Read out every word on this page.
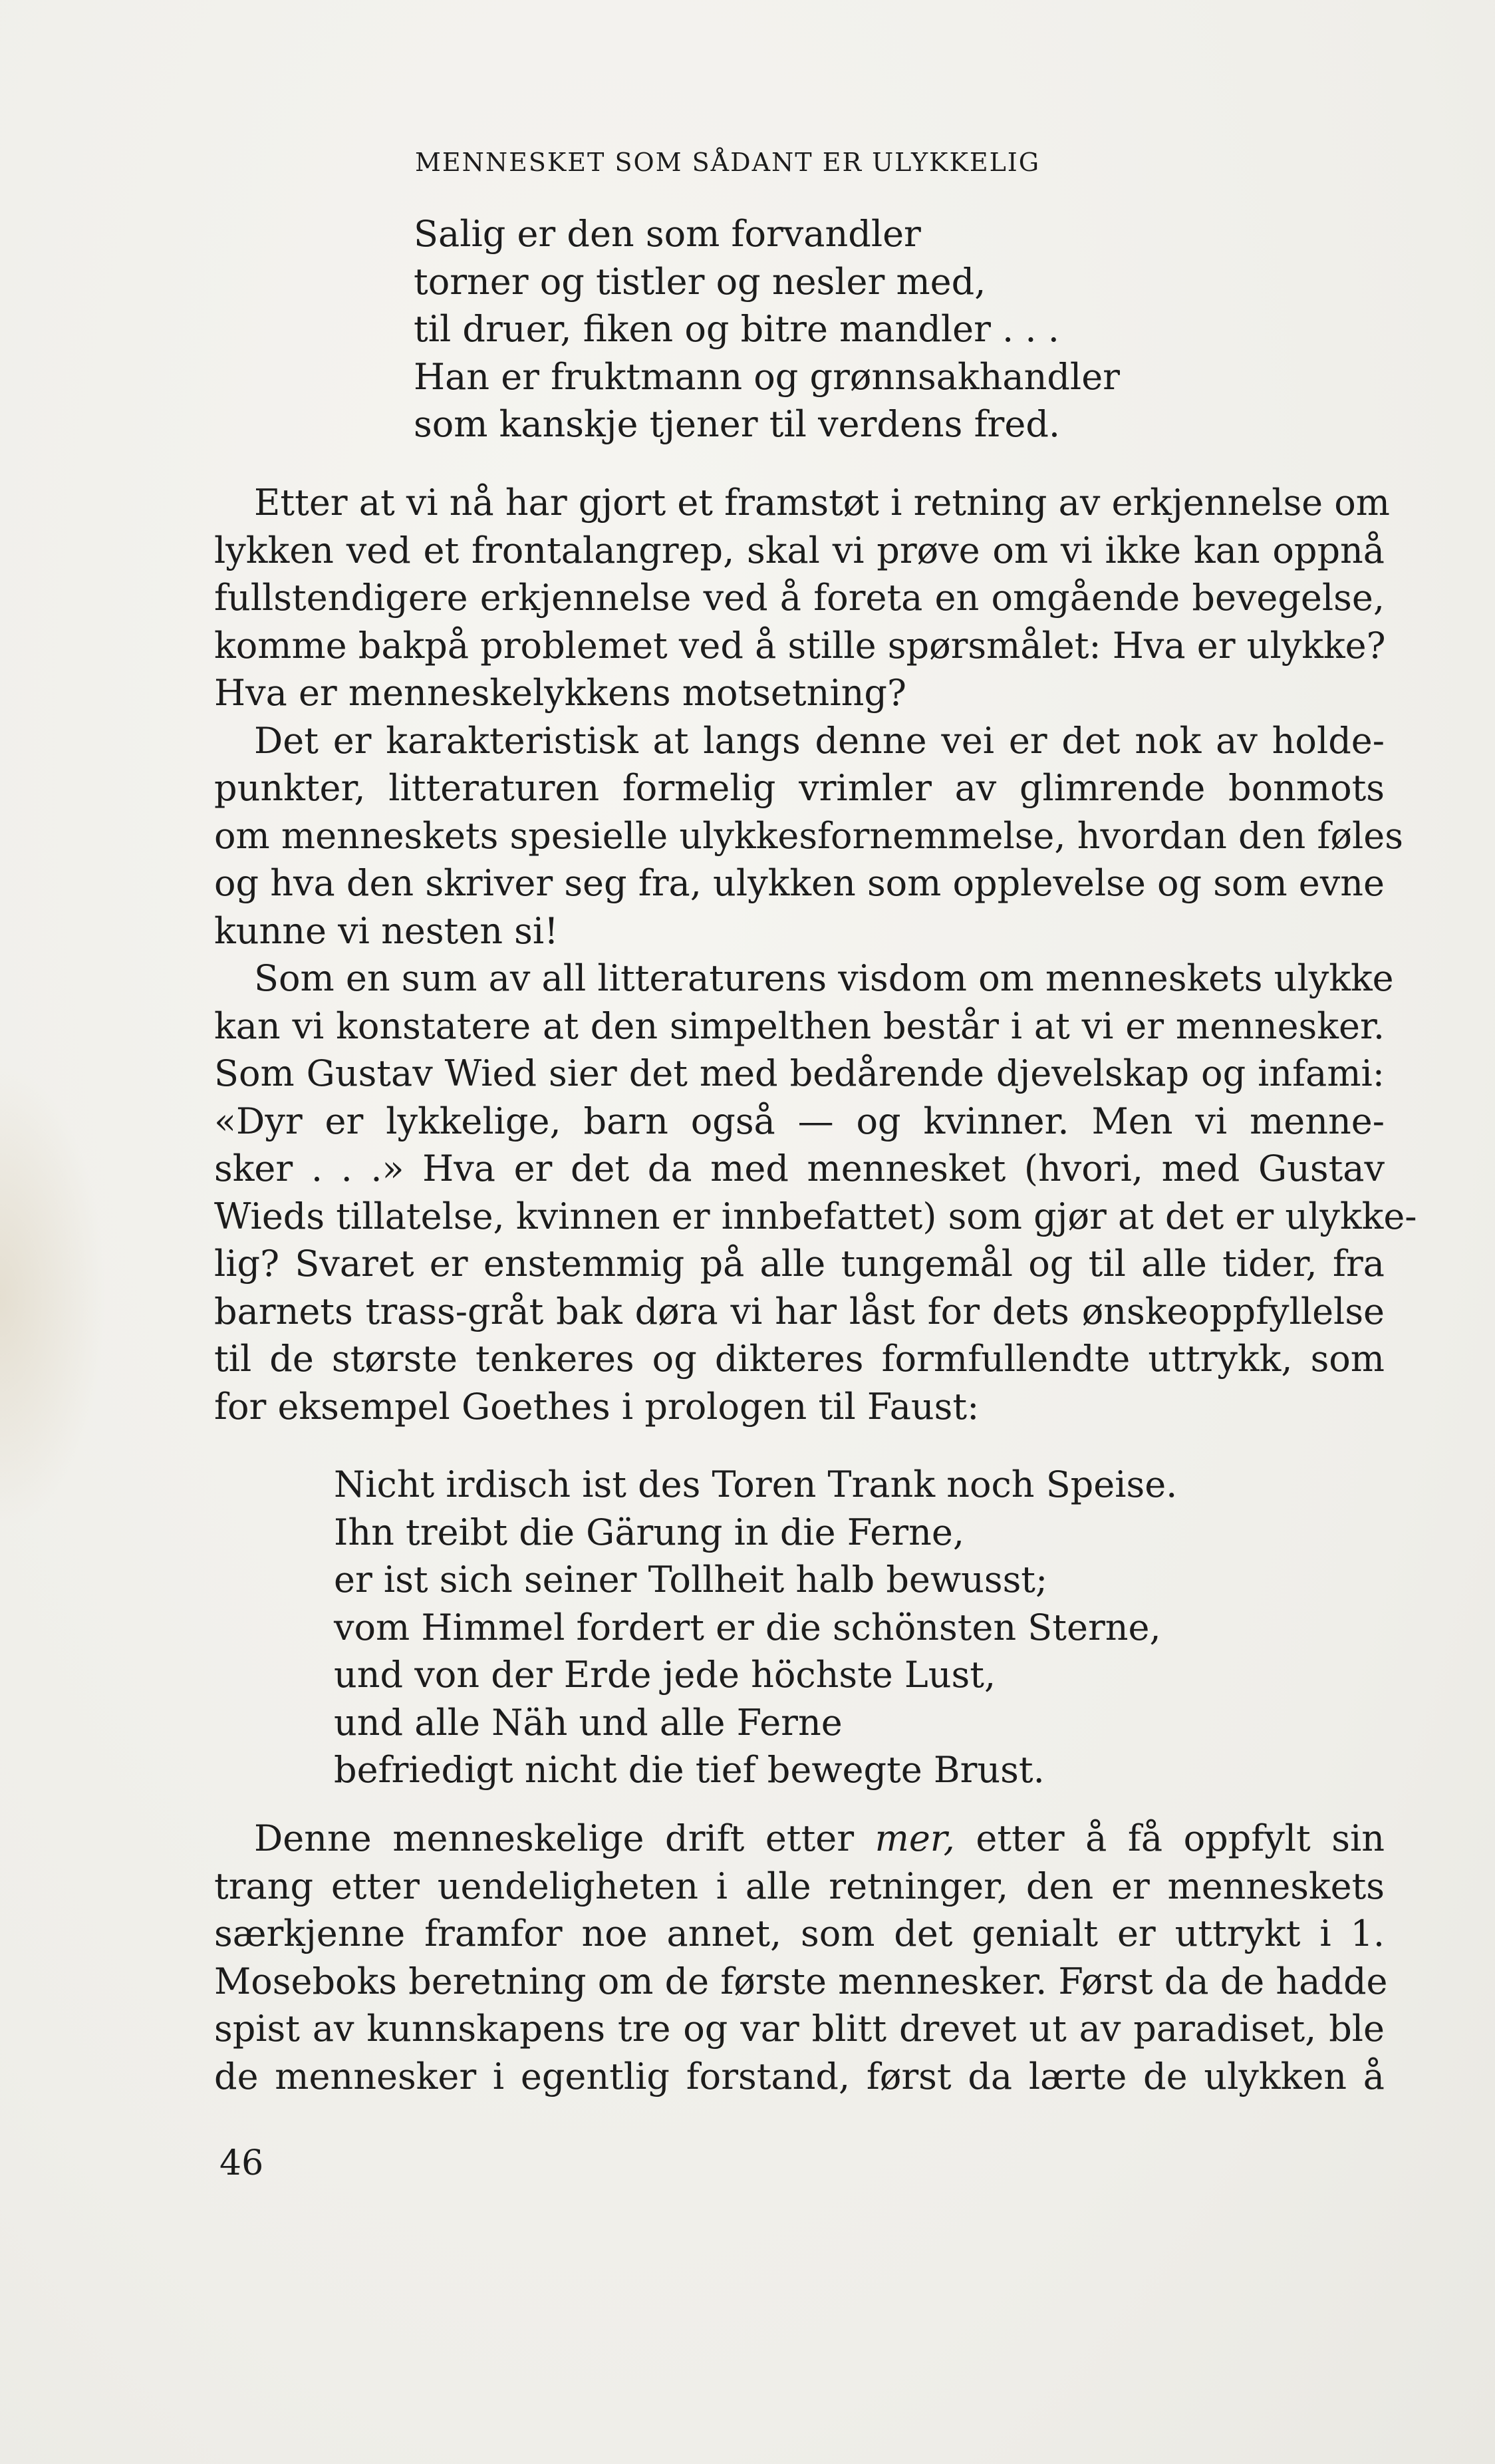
MENNESKET SOM SÅDANT ER ULYKKELIG
Salig er den som forvandler
torner og tistler og nesler med,
til druer, fiken og bitre mandler . . .
Han er fruktmann og grønnsakhandler
som kanskje tjener til verdens fred.
Etter at vi nå har gjort et framstøt i retning av erkjennelse om
lykken ved et frontalangrep, skal vi prøve om vi ikke kan oppnå
fullstendigere erkjennelse ved å foreta en omgående bevegelse,
komme bakpå problemet ved å stille spørsmålet: Hva er ulykke?
Hva er menneskelykkens motsetning?
Det er karakteristisk at langs denne vei er det nok av holde-
punkter, litteraturen formelig vrimler av glimrende bonmots
om menneskets spesielle ulykkesfornemmelse, hvordan den føles
og hva den skriver seg fra, ulykken som opplevelse og som evne
kunne vi nesten si!
Som en sum av all litteraturens visdom om menneskets ulykke
kan vi konstatere at den simpelthen består i at vi er mennesker.
Som Gustav Wied sier det med bedårende djevelskap og infami:
«Dyr er lykkelige, barn også — og kvinner. Men vi menne-
sker . . .» Hva er det da med mennesket (hvori, med Gustav
Wieds tillatelse, kvinnen er innbefattet) som gjør at det er ulykke-
lig? Svaret er enstemmig på alle tungemål og til alle tider, fra
barnets trass-gråt bak døra vi har låst for dets ønskeoppfyllelse
til de største tenkeres og dikteres formfullendte uttrykk, som
for eksempel Goethes i prologen til Faust:
Nicht irdisch ist des Toren Trank noch Speise.
Ihn treibt die Gärung in die Ferne,
er ist sich seiner Tollheit halb bewusst;
vom Himmel fordert er die schönsten Sterne,
und von der Erde jede höchste Lust,
und alle Näh und alle Ferne
befriedigt nicht die tief bewegte Brust.
Denne menneskelige drift etter mer, etter å få oppfylt sin
trang etter uendeligheten i alle retninger, den er menneskets
særkjenne framfor noe annet, som det genialt er uttrykt i 1.
Moseboks beretning om de første mennesker. Først da de hadde
spist av kunnskapens tre og var blitt drevet ut av paradiset, ble
de mennesker i egentlig forstand, først da lærte de ulykken å
46
